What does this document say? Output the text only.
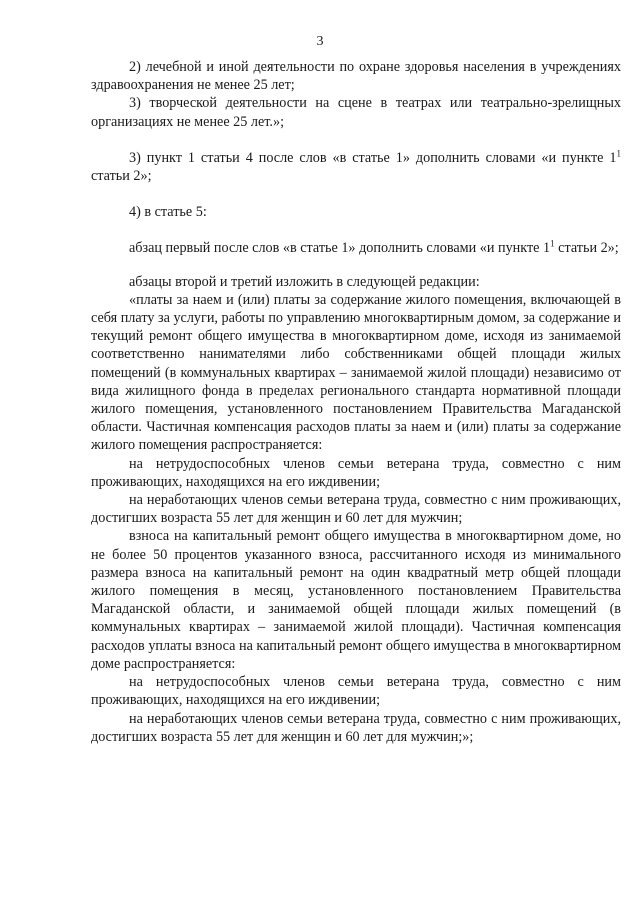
3

2) лечебной и иной деятельности по охране здоровья населения в учреждениях здравоохранения не менее 25 лет;

3) творческой деятельности на сцене в театрах или театрально-зрелищных организациях не менее 25 лет.»;

3) пункт 1 статьи 4 после слов «в статье 1» дополнить словами «и пункте $1^1$ статьи 2»;

4) в статье 5:

абзац первый после слов «в статье 1» дополнить словами «и пункте $1^1$ статьи 2»;

абзацы второй и третий изложить в следующей редакции:

«платы за наем и (или) платы за содержание жилого помещения, включающей в себя плату за услуги, работы по управлению многоквартирным домом, за содержание и текущий ремонт общего имущества в многоквартирном доме, исходя из занимаемой соответственно нанимателями либо собственниками общей площади жилых помещений (в коммунальных квартирах – занимаемой жилой площади) независимо от вида жилищного фонда в пределах регионального стандарта нормативной площади жилого помещения, установленного постановлением Правительства Магаданской области. Частичная компенсация расходов платы за наем и (или) платы за содержание жилого помещения распространяется:

на нетрудоспособных членов семьи ветерана труда, совместно с ним проживающих, находящихся на его иждивении;

на неработающих членов семьи ветерана труда, совместно с ним проживающих, достигших возраста 55 лет для женщин и 60 лет для мужчин;

взноса на капитальный ремонт общего имущества в многоквартирном доме, но не более 50 процентов указанного взноса, рассчитанного исходя из минимального размера взноса на капитальный ремонт на один квадратный метр общей площади жилого помещения в месяц, установленного постановлением Правительства Магаданской области, и занимаемой общей площади жилых помещений (в коммунальных квартирах – занимаемой жилой площади). Частичная компенсация расходов уплаты взноса на капитальный ремонт общего имущества в многоквартирном доме распространяется:

на нетрудоспособных членов семьи ветерана труда, совместно с ним проживающих, находящихся на его иждивении;

на неработающих членов семьи ветерана труда, совместно с ним проживающих, достигших возраста 55 лет для женщин и 60 лет для мужчин;»;
